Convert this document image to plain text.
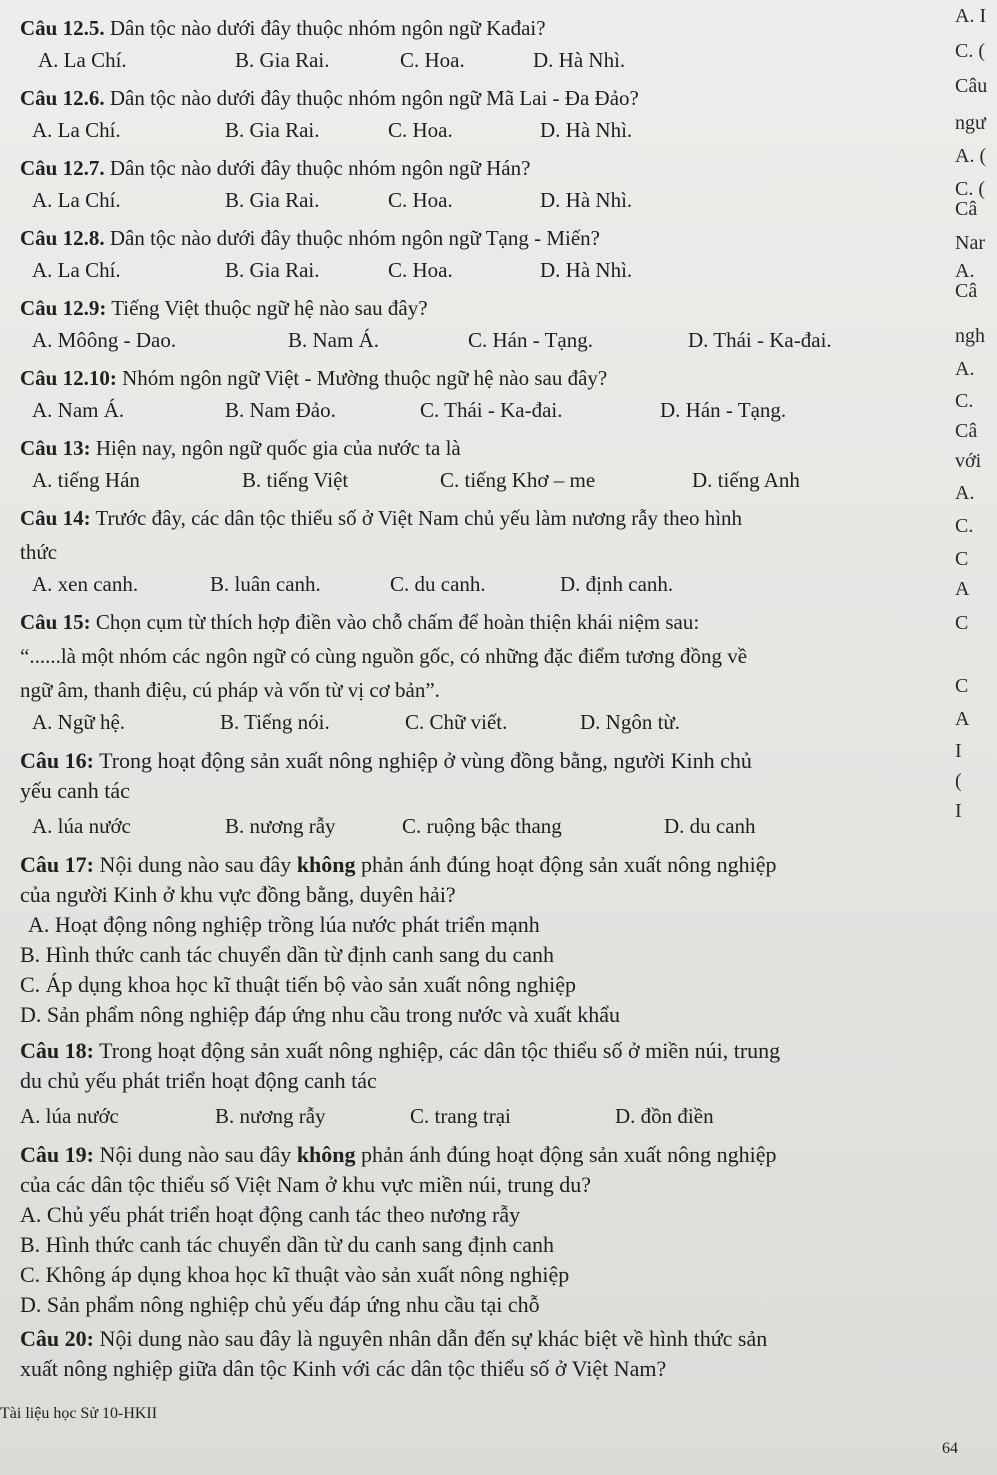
Câu 12.5. Dân tộc nào dưới đây thuộc nhóm ngôn ngữ Kađai?
A. La Chí.	B. Gia Rai.	C. Hoa.	D. Hà Nhì.
Câu 12.6. Dân tộc nào dưới đây thuộc nhóm ngôn ngữ Mã Lai - Đa Đảo?
A. La Chí.	B. Gia Rai.	C. Hoa.	D. Hà Nhì.
Câu 12.7. Dân tộc nào dưới đây thuộc nhóm ngôn ngữ Hán?
A. La Chí.	B. Gia Rai.	C. Hoa.	D. Hà Nhì.
Câu 12.8. Dân tộc nào dưới đây thuộc nhóm ngôn ngữ Tạng - Miến?
A. La Chí.	B. Gia Rai.	C. Hoa.	D. Hà Nhì.
Câu 12.9: Tiếng Việt thuộc ngữ hệ nào sau đây?
A. Môông - Dao.	B. Nam Á.	C. Hán - Tạng.	D. Thái - Ka-đai.
Câu 12.10: Nhóm ngôn ngữ Việt - Mường thuộc ngữ hệ nào sau đây?
A. Nam Á.	B. Nam Đảo.	C. Thái - Ka-đai.	D. Hán - Tạng.
Câu 13: Hiện nay, ngôn ngữ quốc gia của nước ta là
A. tiếng Hán	B. tiếng Việt	C. tiếng Khơ – me	D. tiếng Anh
Câu 14: Trước đây, các dân tộc thiểu số ở Việt Nam chủ yếu làm nương rẫy theo hình
thức
A. xen canh.	B. luân canh.	C. du canh.	D. định canh.
Câu 15: Chọn cụm từ thích hợp điền vào chỗ chấm để hoàn thiện khái niệm sau:
“......là một nhóm các ngôn ngữ có cùng nguồn gốc, có những đặc điểm tương đồng về
ngữ âm, thanh điệu, cú pháp và vốn từ vị cơ bản”.
A. Ngữ hệ.	B. Tiếng nói.	C. Chữ viết.	D. Ngôn từ.
Câu 16: Trong hoạt động sản xuất nông nghiệp ở vùng đồng bằng, người Kinh chủ
yếu canh tác
A. lúa nước	B. nương rẫy	C. ruộng bậc thang	D. du canh
Câu 17: Nội dung nào sau đây không phản ánh đúng hoạt động sản xuất nông nghiệp
của người Kinh ở khu vực đồng bằng, duyên hải?
A. Hoạt động nông nghiệp trồng lúa nước phát triển mạnh
B. Hình thức canh tác chuyển dần từ định canh sang du canh
C. Áp dụng khoa học kĩ thuật tiến bộ vào sản xuất nông nghiệp
D. Sản phẩm nông nghiệp đáp ứng nhu cầu trong nước và xuất khẩu
Câu 18: Trong hoạt động sản xuất nông nghiệp, các dân tộc thiểu số ở miền núi, trung
du chủ yếu phát triển hoạt động canh tác
A. lúa nước	B. nương rẫy	C. trang trại	D. đồn điền
Câu 19: Nội dung nào sau đây không phản ánh đúng hoạt động sản xuất nông nghiệp
của các dân tộc thiểu số Việt Nam ở khu vực miền núi, trung du?
A. Chủ yếu phát triển hoạt động canh tác theo nương rẫy
B. Hình thức canh tác chuyển dần từ du canh sang định canh
C. Không áp dụng khoa học kĩ thuật vào sản xuất nông nghiệp
D. Sản phẩm nông nghiệp chủ yếu đáp ứng nhu cầu tại chỗ
Câu 20: Nội dung nào sau đây là nguyên nhân dẫn đến sự khác biệt về hình thức sản
xuất nông nghiệp giữa dân tộc Kinh với các dân tộc thiểu số ở Việt Nam?
A. I
C. (
Câu
ngư
A. (
C. (
Câ
Nar
A.
Câ
ngh
A.
C.
Câ
với
A.
C.
C
A
C
C
A
I
(
I
Tài liệu học Sử 10-HKII
64
